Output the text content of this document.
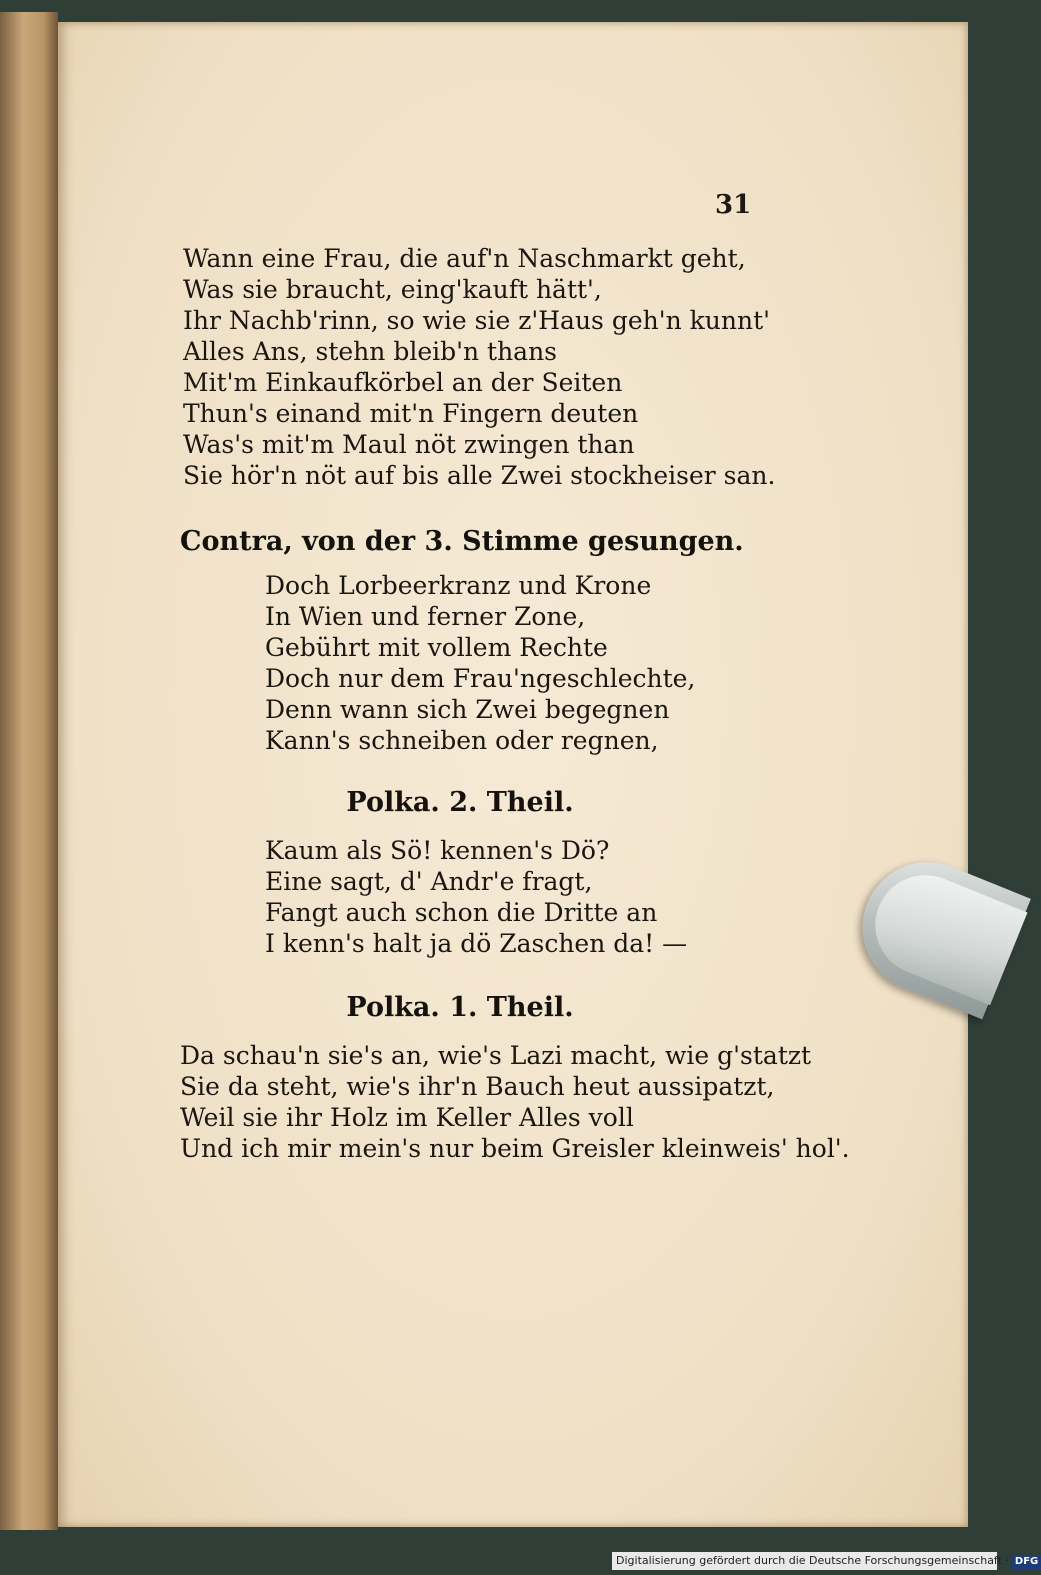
31
Wann eine Frau, die auf'n Naschmarkt geht,
Was sie braucht, eing'kauft hätt',
Ihr Nachb'rinn, so wie sie z'Haus geh'n kunnt'
Alles Ans, stehn bleib'n thans
Mit'm Einkaufkörbel an der Seiten
Thun's einand mit'n Fingern deuten
Was's mit'm Maul nöt zwingen than
Sie hör'n nöt auf bis alle Zwei stockheiser san.
Contra, von der 3. Stimme gesungen.
Doch Lorbeerkranz und Krone
In Wien und ferner Zone,
Gebührt mit vollem Rechte
Doch nur dem Frau'ngeschlechte,
Denn wann sich Zwei begegnen
Kann's schneiben oder regnen,
Polka. 2. Theil.
Kaum als Sö! kennen's Dö?
Eine sagt, d' Andr'e fragt,
Fangt auch schon die Dritte an
I kenn's halt ja dö Zaschen da! —
Polka. 1. Theil.
Da schau'n sie's an, wie's Lazi macht, wie g'statzt
Sie da steht, wie's ihr'n Bauch heut aussipatzt,
Weil sie ihr Holz im Keller Alles voll
Und ich mir mein's nur beim Greisler kleinweis' hol'.
Digitalisierung gefördert durch die Deutsche Forschungsgemeinschaft · DFG
